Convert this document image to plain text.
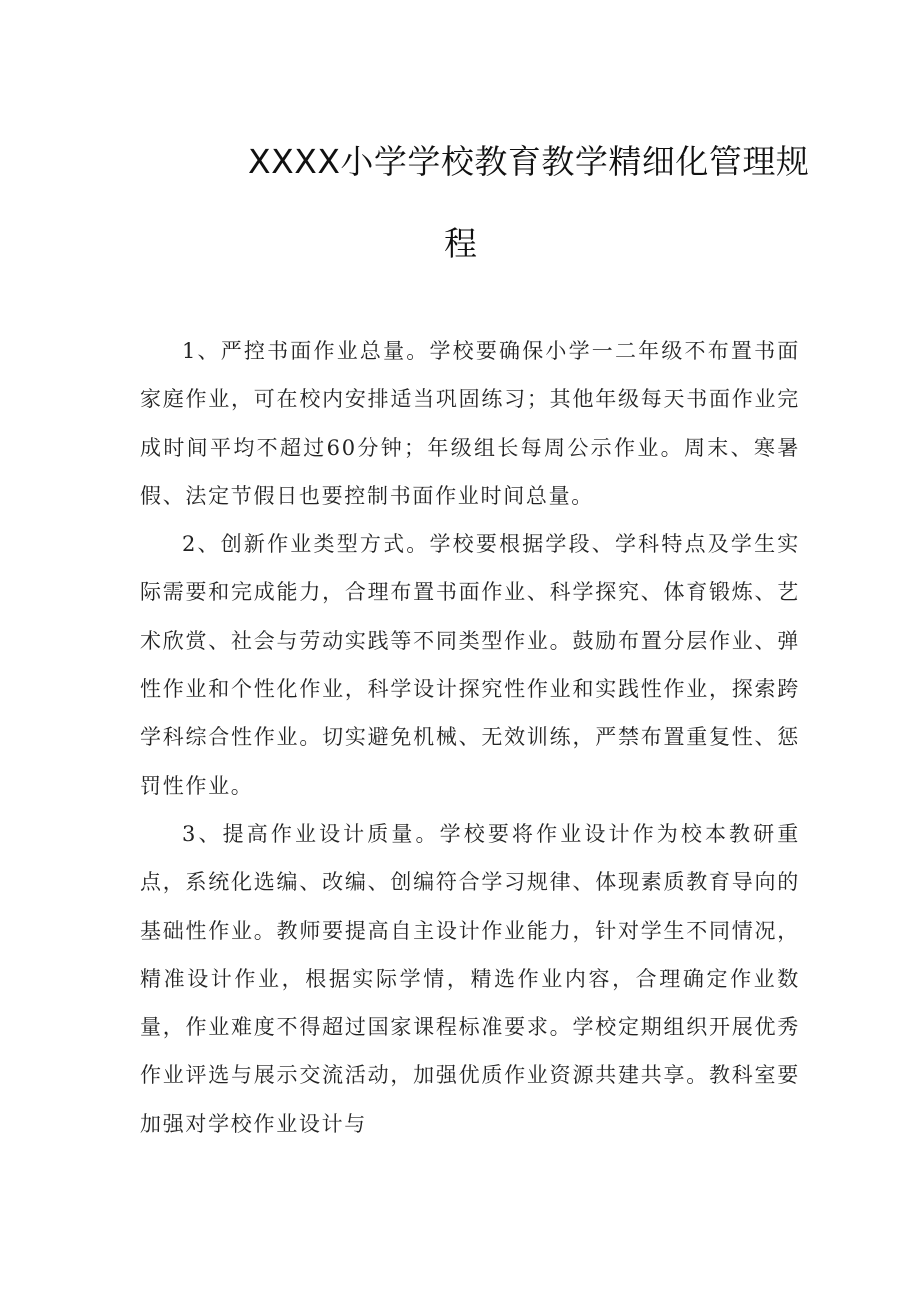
XXXX小学学校教育教学精细化管理规
程

1、严控书面作业总量。学校要确保小学一二年级不布置书面家庭作业，可在校内安排适当巩固练习；其他年级每天书面作业完成时间平均不超过60分钟；年级组长每周公示作业。周末、寒暑假、法定节假日也要控制书面作业时间总量。

2、创新作业类型方式。学校要根据学段、学科特点及学生实际需要和完成能力，合理布置书面作业、科学探究、体育锻炼、艺术欣赏、社会与劳动实践等不同类型作业。鼓励布置分层作业、弹性作业和个性化作业，科学设计探究性作业和实践性作业，探索跨学科综合性作业。切实避免机械、无效训练，严禁布置重复性、惩罚性作业。

3、提高作业设计质量。学校要将作业设计作为校本教研重点，系统化选编、改编、创编符合学习规律、体现素质教育导向的基础性作业。教师要提高自主设计作业能力，针对学生不同情况，精准设计作业，根据实际学情，精选作业内容，合理确定作业数量，作业难度不得超过国家课程标准要求。学校定期组织开展优秀作业评选与展示交流活动，加强优质作业资源共建共享。教科室要加强对学校作业设计与
